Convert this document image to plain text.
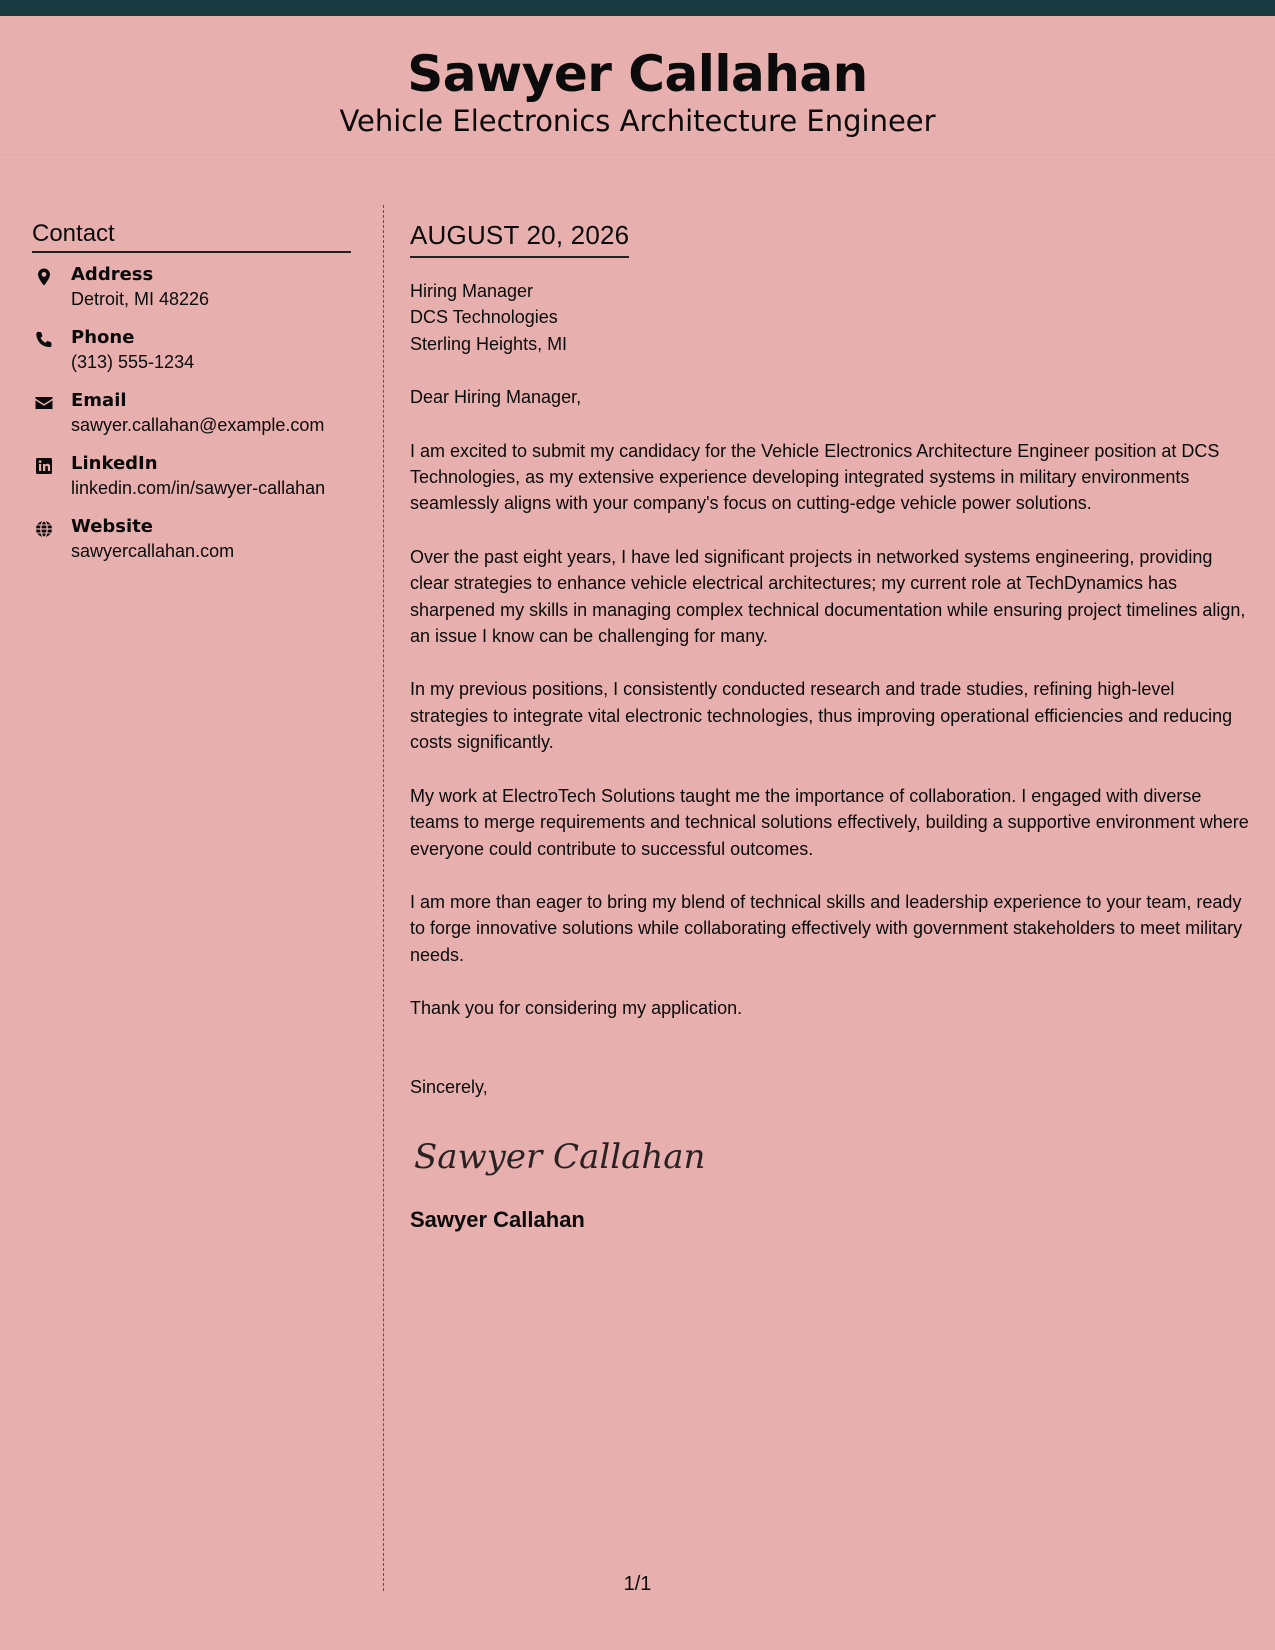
Sawyer Callahan
Vehicle Electronics Architecture Engineer
Contact
Address
Detroit, MI 48226
Phone
(313) 555-1234
Email
sawyer.callahan@example.com
LinkedIn
linkedin.com/in/sawyer-callahan
Website
sawyercallahan.com
AUGUST 20, 2026
Hiring Manager
DCS Technologies
Sterling Heights, MI
Dear Hiring Manager,
I am excited to submit my candidacy for the Vehicle Electronics Architecture Engineer position at DCS Technologies, as my extensive experience developing integrated systems in military environments seamlessly aligns with your company's focus on cutting-edge vehicle power solutions.
Over the past eight years, I have led significant projects in networked systems engineering, providing clear strategies to enhance vehicle electrical architectures; my current role at TechDynamics has sharpened my skills in managing complex technical documentation while ensuring project timelines align, an issue I know can be challenging for many.
In my previous positions, I consistently conducted research and trade studies, refining high-level strategies to integrate vital electronic technologies, thus improving operational efficiencies and reducing costs significantly.
My work at ElectroTech Solutions taught me the importance of collaboration. I engaged with diverse teams to merge requirements and technical solutions effectively, building a supportive environment where everyone could contribute to successful outcomes.
I am more than eager to bring my blend of technical skills and leadership experience to your team, ready to forge innovative solutions while collaborating effectively with government stakeholders to meet military needs.
Thank you for considering my application.
Sincerely,
Sawyer Callahan
Sawyer Callahan
1/1
